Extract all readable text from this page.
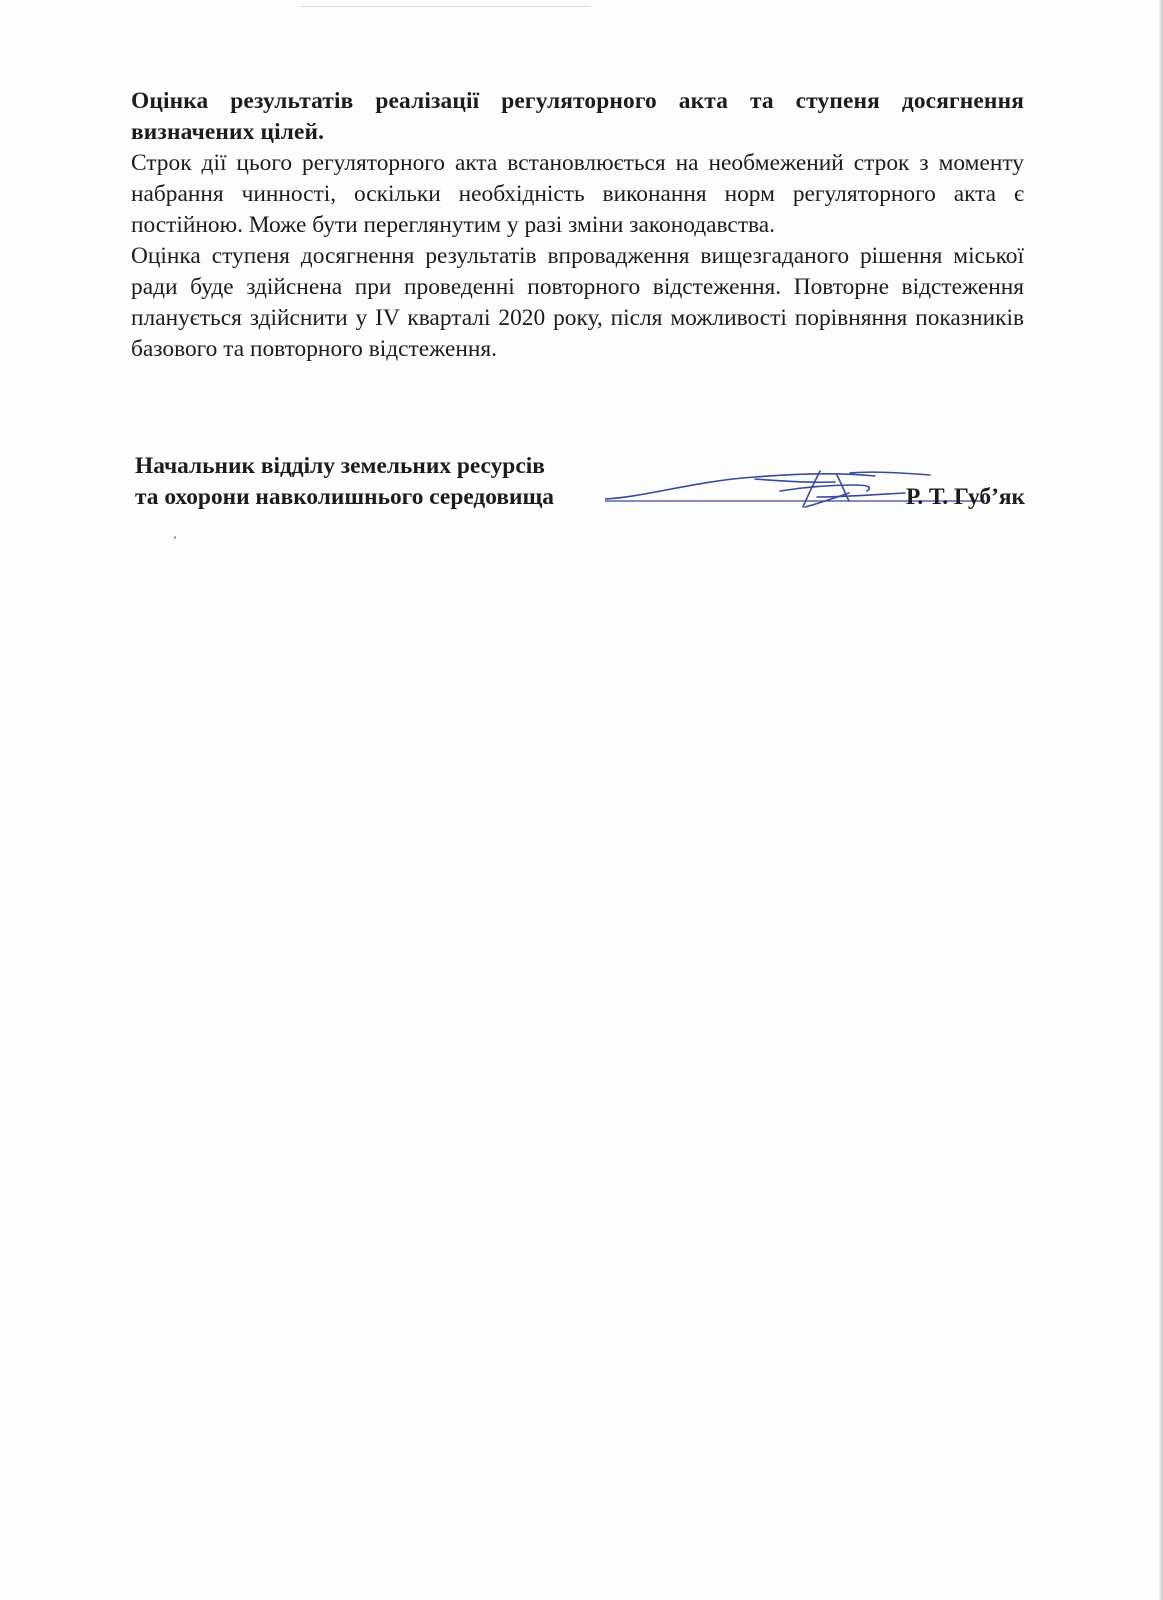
Оцінка результатів реалізації регуляторного акта та ступеня досягнення визначених цілей.

Строк дії цього регуляторного акта встановлюється на необмежений строк з моменту набрання чинності, оскільки необхідність виконання норм регуляторного акта є постійною. Може бути переглянутим у разі зміни законодавства.

Оцінка ступеня досягнення результатів впровадження вищезгаданого рішення міської ради буде здійснена при проведенні повторного відстеження. Повторне відстеження планується здійснити у IV кварталі 2020 року, після можливості порівняння показників базового та повторного відстеження.

Начальник відділу земельних ресурсів
та охорони навколишнього середовища	Р. Т. Губ’як
